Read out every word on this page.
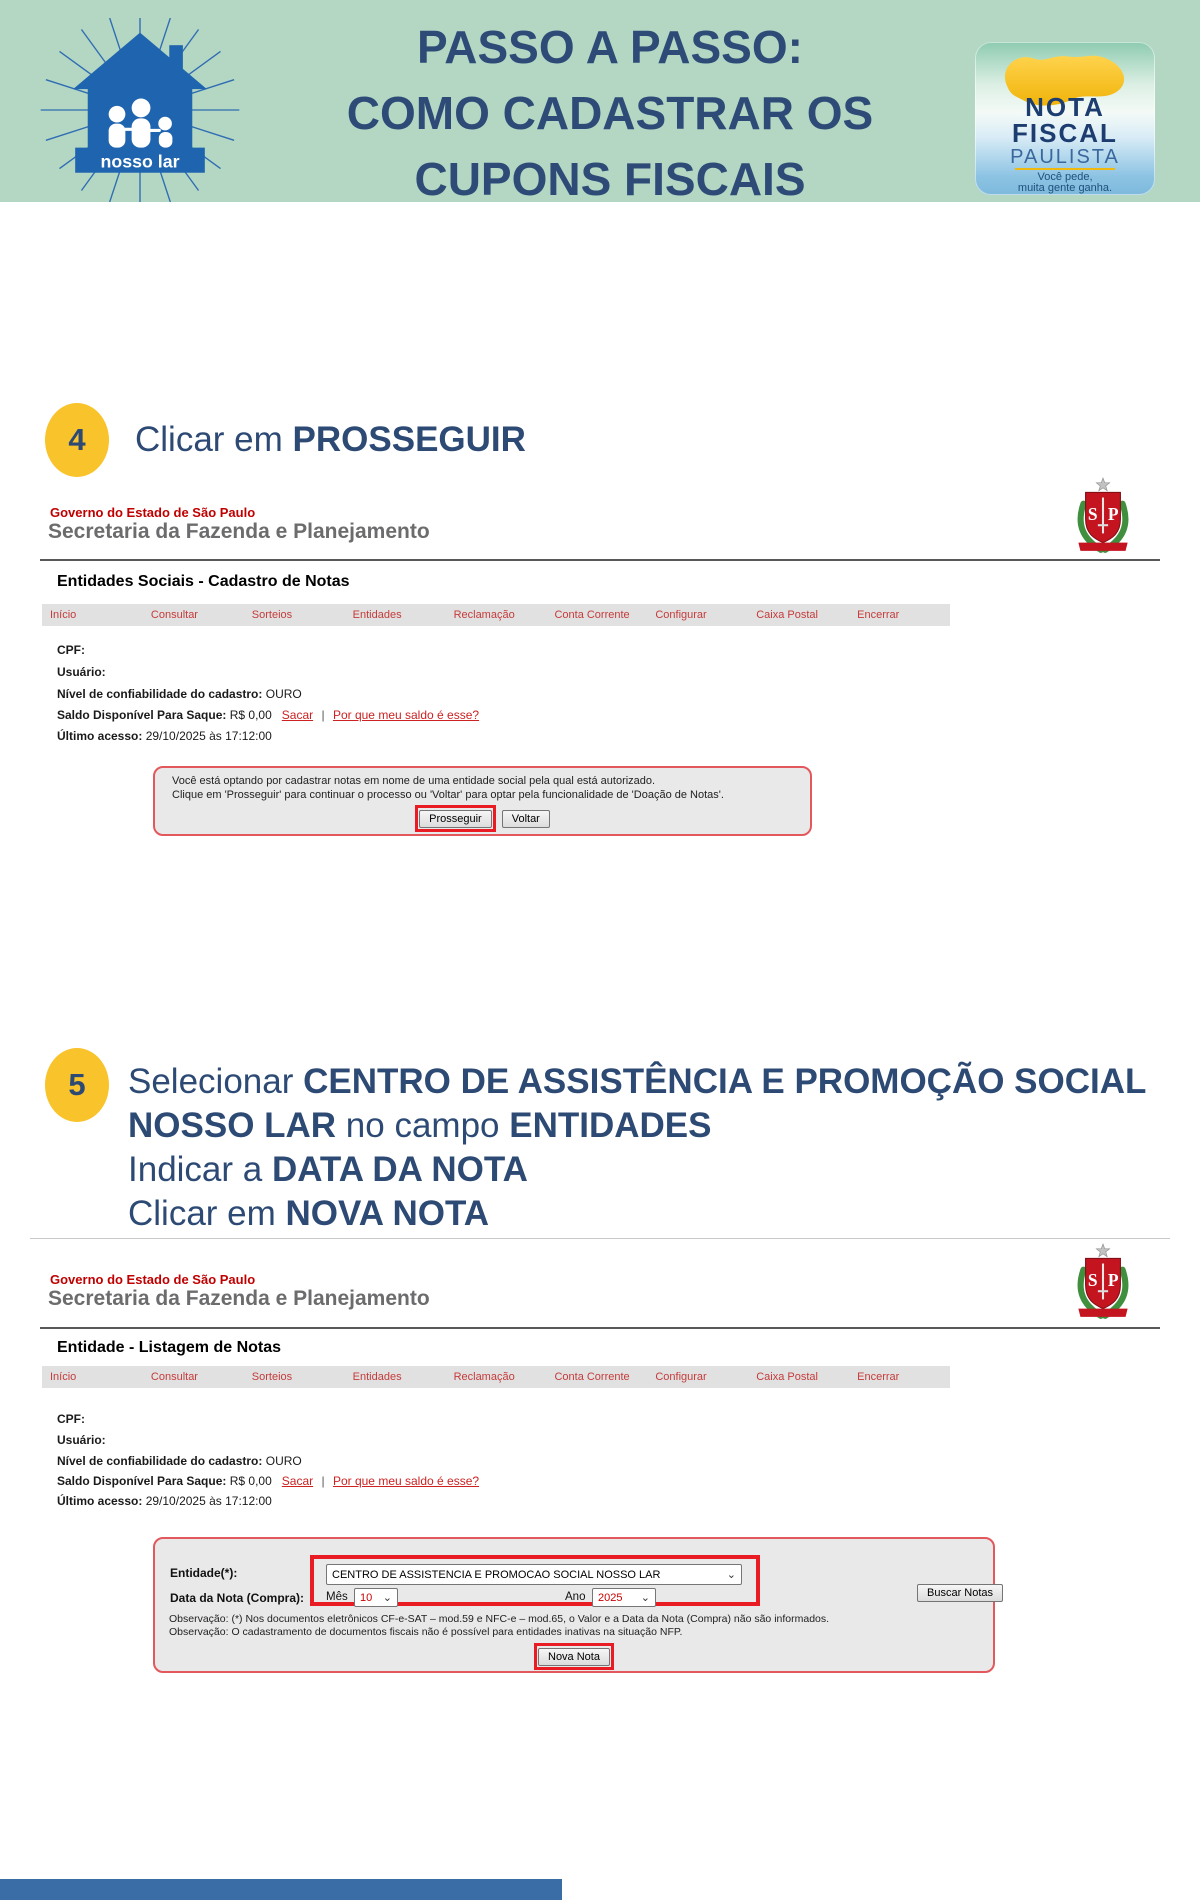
nosso lar
PASSO A PASSO:
COMO CADASTRAR OS
CUPONS FISCAIS
NOTA
FISCAL
PAULISTA
Você pede,
muita gente ganha.
4 Clicar em PROSSEGUIR
Governo do Estado de São Paulo
Secretaria da Fazenda e Planejamento
S P
Entidades Sociais - Cadastro de Notas
Início	Consultar	Sorteios	Entidades	Reclamação	Conta Corrente	Configurar	Caixa Postal	Encerrar
CPF:
Usuário:
Nível de confiabilidade do cadastro: OURO
Saldo Disponível Para Saque: R$ 0,00 Sacar | Por que meu saldo é esse?
Último acesso: 29/10/2025 às 17:12:00
Você está optando por cadastrar notas em nome de uma entidade social pela qual está autorizado.
Clique em 'Prosseguir' para continuar o processo ou 'Voltar' para optar pela funcionalidade de 'Doação de Notas'.
Prosseguir	Voltar
5 Selecionar CENTRO DE ASSISTÊNCIA E PROMOÇÃO SOCIAL
NOSSO LAR no campo ENTIDADES
Indicar a DATA DA NOTA
Clicar em NOVA NOTA
Governo do Estado de São Paulo
Secretaria da Fazenda e Planejamento
S P
Entidade - Listagem de Notas
Início	Consultar	Sorteios	Entidades	Reclamação	Conta Corrente	Configurar	Caixa Postal	Encerrar
CPF:
Usuário:
Nível de confiabilidade do cadastro: OURO
Saldo Disponível Para Saque: R$ 0,00 Sacar | Por que meu saldo é esse?
Último acesso: 29/10/2025 às 17:12:00
Entidade(*):	CENTRO DE ASSISTENCIA E PROMOCAO SOCIAL NOSSO LAR	⌄
Data da Nota (Compra): Mês 10 ⌄	Ano 2025 ⌄	Buscar Notas
Observação: (*) Nos documentos eletrônicos CF-e-SAT – mod.59 e NFC-e – mod.65, o Valor e a Data da Nota (Compra) não são informados.
Observação: O cadastramento de documentos fiscais não é possível para entidades inativas na situação NFP.
Nova Nota
